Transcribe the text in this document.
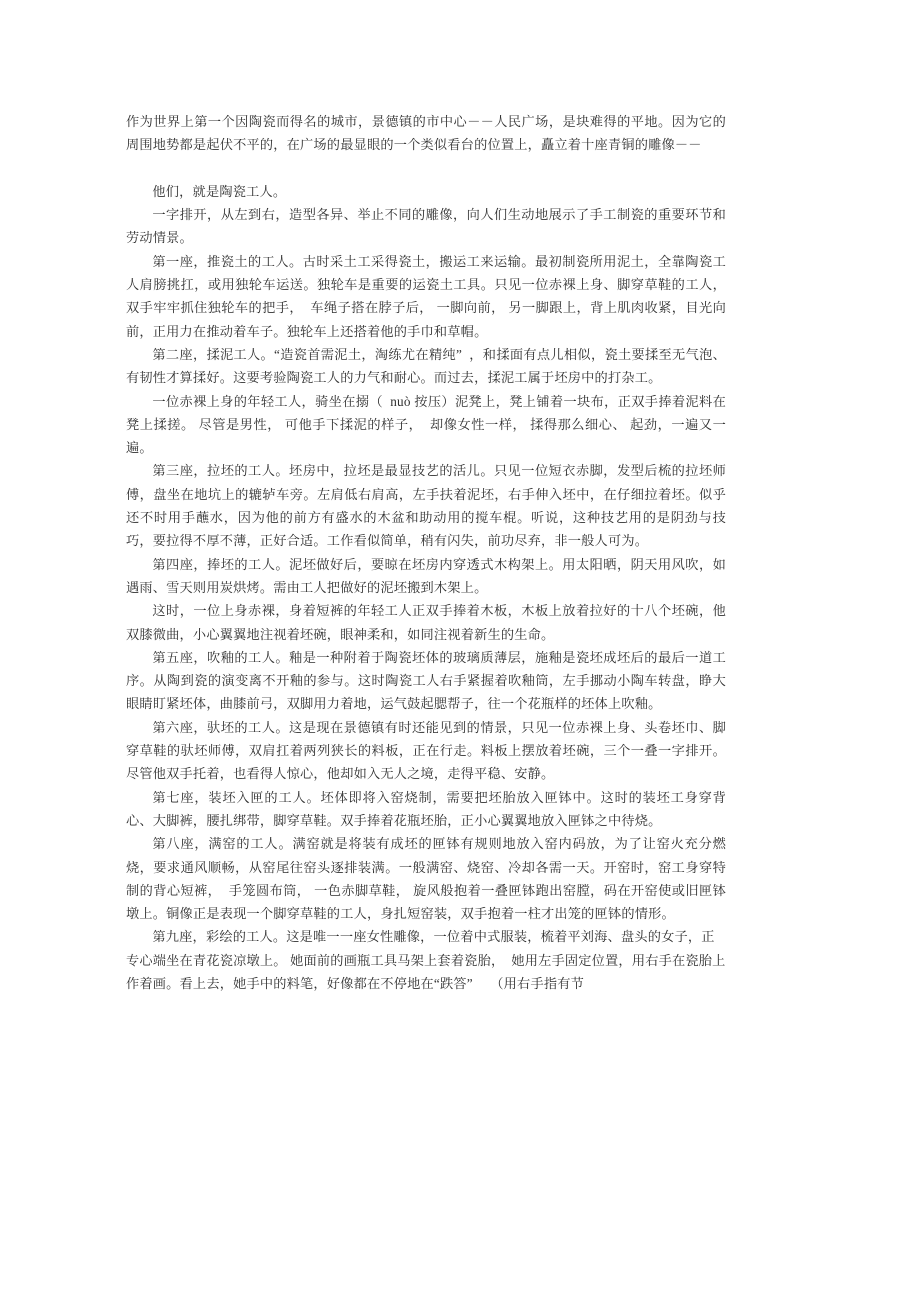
作为世界上第一个因陶瓷而得名的城市，景德镇的市中心－－人民广场，是块难得的平地。因为它的周围地势都是起伏不平的，在广场的最显眼的一个类似看台的位置上，矗立着十座青铜的雕像－－

他们，就是陶瓷工人。

一字排开，从左到右，造型各异、举止不同的雕像，向人们生动地展示了手工制瓷的重要环节和劳动情景。

第一座，推瓷土的工人。古时采土工采得瓷土，搬运工来运输。最初制瓷所用泥土，全靠陶瓷工人肩膀挑扛，或用独轮车运送。独轮车是重要的运瓷土工具。只见一位赤裸上身、脚穿草鞋的工人， 双手牢牢抓住独轮车的把手，  车绳子搭在脖子后， 一脚向前， 另一脚跟上，背上肌肉收紧，目光向前，正用力在推动着车子。独轮车上还搭着他的手巾和草帽。

第二座，揉泥工人。“造瓷首需泥土，淘练尤在精纯”  ，和揉面有点儿相似，瓷土要揉至无气泡、有韧性才算揉好。这要考验陶瓷工人的力气和耐心。而过去，揉泥工属于坯房中的打杂工。

一位赤裸上身的年轻工人，骑坐在搦（  nuò 按压）泥凳上，凳上铺着一块布，正双手捧着泥料在凳上揉搓。 尽管是男性， 可他手下揉泥的样子，  却像女性一样， 揉得那么细心、 起劲，一遍又一遍。

第三座，拉坯的工人。坯房中，拉坯是最显技艺的活儿。只见一位短衣赤脚，发型后梳的拉坯师傅，盘坐在地坑上的辘轳车旁。左肩低右肩高，左手扶着泥坯，右手伸入坯中，在仔细拉着坯。似乎还不时用手蘸水，因为他的前方有盛水的木盆和助动用的搅车棍。听说，这种技艺用的是阴劲与技巧，要拉得不厚不薄，正好合适。工作看似简单，稍有闪失，前功尽弃，非一般人可为。

第四座，捧坯的工人。泥坯做好后，要晾在坯房内穿透式木构架上。用太阳晒，阴天用风吹，如遇雨、雪天则用炭烘烤。需由工人把做好的泥坯搬到木架上。

这时，一位上身赤裸，身着短裤的年轻工人正双手捧着木板，木板上放着拉好的十八个坯碗，他双膝微曲，小心翼翼地注视着坯碗，眼神柔和，如同注视着新生的生命。

第五座，吹釉的工人。釉是一种附着于陶瓷坯体的玻璃质薄层，施釉是瓷坯成坯后的最后一道工序。从陶到瓷的演变离不开釉的参与。这时陶瓷工人右手紧握着吹釉筒，左手挪动小陶车转盘，睁大眼睛盯紧坯体，曲膝前弓，双脚用力着地，运气鼓起腮帮子，往一个花瓶样的坯体上吹釉。

第六座，驮坯的工人。这是现在景德镇有时还能见到的情景，只见一位赤裸上身、头卷坯巾、脚穿草鞋的驮坯师傅，双肩扛着两列狭长的料板，正在行走。料板上摆放着坯碗，三个一叠一字排开。尽管他双手托着，也看得人惊心，他却如入无人之境，走得平稳、安静。

第七座，装坯入匣的工人。坯体即将入窑烧制，需要把坯胎放入匣钵中。这时的装坯工身穿背心、大脚裤，腰扎绑带，脚穿草鞋。双手捧着花瓶坯胎，正小心翼翼地放入匣钵之中待烧。

第八座，满窑的工人。满窑就是将装有成坯的匣钵有规则地放入窑内码放，为了让窑火充分燃烧，要求通风顺畅，从窑尾往窑头逐排装满。一般满窑、烧窑、冷却各需一天。开窑时，窑工身穿特制的背心短裤，  手笼圆布筒， 一色赤脚草鞋， 旋风般抱着一叠匣钵跑出窑膛，码在开窑使或旧匣钵墩上。铜像正是表现一个脚穿草鞋的工人，身扎短窑装，双手抱着一柱才出笼的匣钵的情形。

第九座，彩绘的工人。这是唯一一座女性雕像，一位着中式服装，梳着平刘海、盘头的女子，正专心端坐在青花瓷凉墩上。 她面前的画瓶工具马架上套着瓷胎，  她用左手固定位置，用右手在瓷胎上作着画。看上去，她手中的料笔，好像都在不停地在“跌答”     （用右手指有节
